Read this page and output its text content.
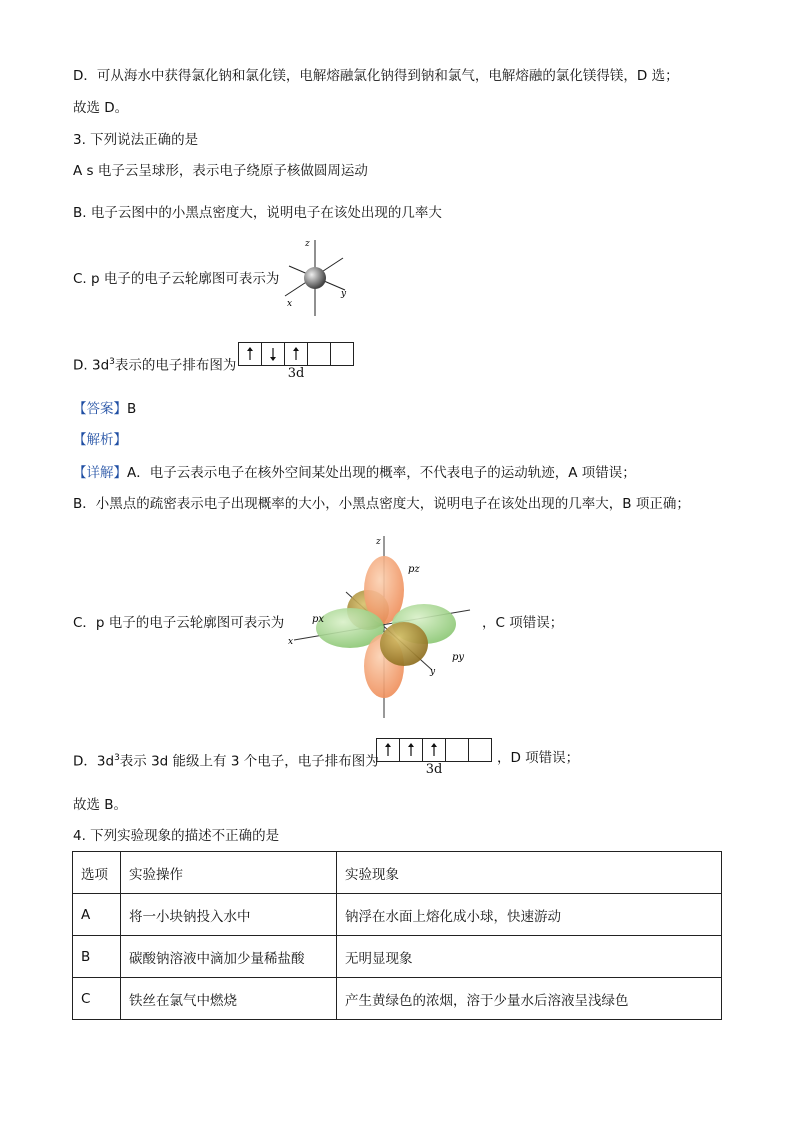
D．可从海水中获得氯化钠和氯化镁，电解熔融氯化钠得到钠和氯气，电解熔融的氯化镁得镁，D 选；
故选 D。
3. 下列说法正确的是
A s 电子云呈球形，表示电子绕原子核做圆周运动
B. 电子云图中的小黑点密度大，说明电子在该处出现的几率大
C. p 电子的电子云轮廓图可表示为
z
x
y
D. $3d^3$表示的电子排布图为	3d
【答案】B
【解析】
【详解】A．电子云表示电子在核外空间某处出现的概率，不代表电子的运动轨迹，A 项错误；
B．小黑点的疏密表示电子出现概率的大小，小黑点密度大，说明电子在该处出现的几率大，B 项正确；
C．p 电子的电子云轮廓图可表示为	，C 项错误；
z
x
y
pz
px
py
D．$3d^3$表示 3d 能级上有 3 个电子，电子排布图为	3d
，D 项错误；
故选 B。
4. 下列实验现象的描述不正确的是
选项	实验操作	实验现象
A	将一小块钠投入水中	钠浮在水面上熔化成小球，快速游动
B	碳酸钠溶液中滴加少量稀盐酸	无明显现象
C	铁丝在氯气中燃烧	产生黄绿色的浓烟，溶于少量水后溶液呈浅绿色
